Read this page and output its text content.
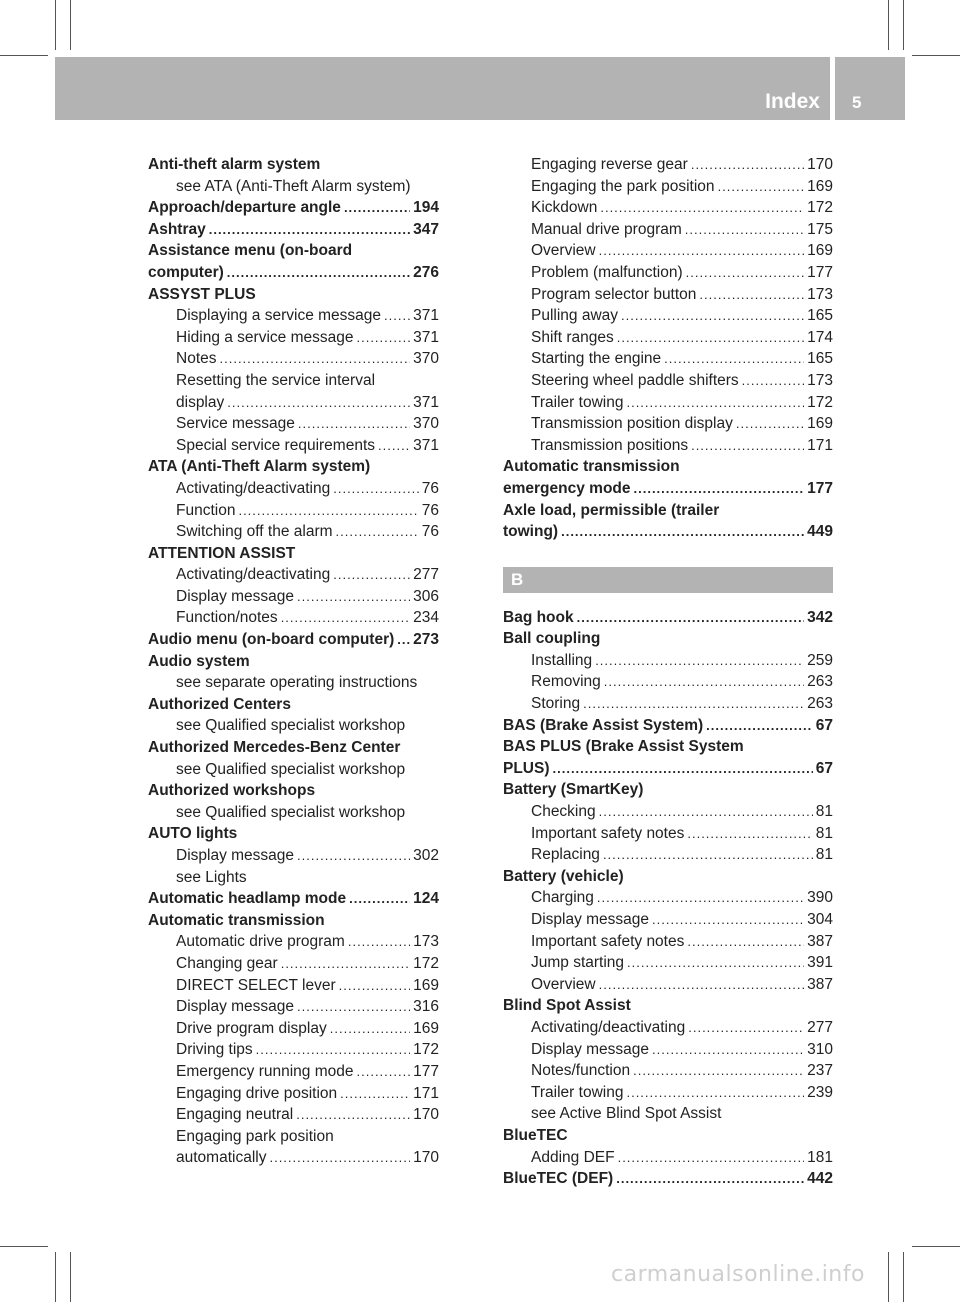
Index 5
Anti-theft alarm system
see ATA (Anti-Theft Alarm system)
Approach/departure angle .....	194
Ashtray .....	347
Assistance menu (on-board
computer) .....	276
ASSYST PLUS
Displaying a service message ..... 371
Hiding a service message .....	371
Notes .....	370
Resetting the service interval
display .....	371
Service message .....	370
Special service requirements ..... 371
ATA (Anti-Theft Alarm system)
Activating/deactivating .....	76
Function .....	76
Switching off the alarm .....	76
ATTENTION ASSIST
Activating/deactivating .....	277
Display message .....	306
Function/notes .....	234
Audio menu (on-board computer) ..... 273
Audio system
see separate operating instructions
Authorized Centers
see Qualified specialist workshop
Authorized Mercedes-Benz Center
see Qualified specialist workshop
Authorized workshops
see Qualified specialist workshop
AUTO lights
Display message .....	302
see Lights
Automatic headlamp mode .....	124
Automatic transmission
Automatic drive program .....	173
Changing gear .....	172
DIRECT SELECT lever .....	169
Display message .....	316
Drive program display .....	169
Driving tips .....	172
Emergency running mode .....	177
Engaging drive position .....	171
Engaging neutral .....	170
Engaging park position
automatically .....	170
Engaging reverse gear .....	170
Engaging the park position .....	169
Kickdown .....	172
Manual drive program .....	175
Overview .....	169
Problem (malfunction) .....	177
Program selector button .....	173
Pulling away .....	165
Shift ranges .....	174
Starting the engine .....	165
Steering wheel paddle shifters .....	173
Trailer towing .....	172
Transmission position display .....	169
Transmission positions .....	171
Automatic transmission
emergency mode .....	177
Axle load, permissible (trailer
towing) .....	449
B
Bag hook .....	342
Ball coupling
Installing .....	259
Removing .....	263
Storing .....	263
BAS (Brake Assist System) .....	67
BAS PLUS (Brake Assist System
PLUS) .....	67
Battery (SmartKey)
Checking .....	81
Important safety notes .....	81
Replacing .....	81
Battery (vehicle)
Charging .....	390
Display message .....	304
Important safety notes .....	387
Jump starting .....	391
Overview .....	387
Blind Spot Assist
Activating/deactivating .....	277
Display message .....	310
Notes/function .....	237
Trailer towing .....	239
see Active Blind Spot Assist
BlueTEC
Adding DEF .....	181
BlueTEC (DEF) .....	442
carmanualsonline.info
